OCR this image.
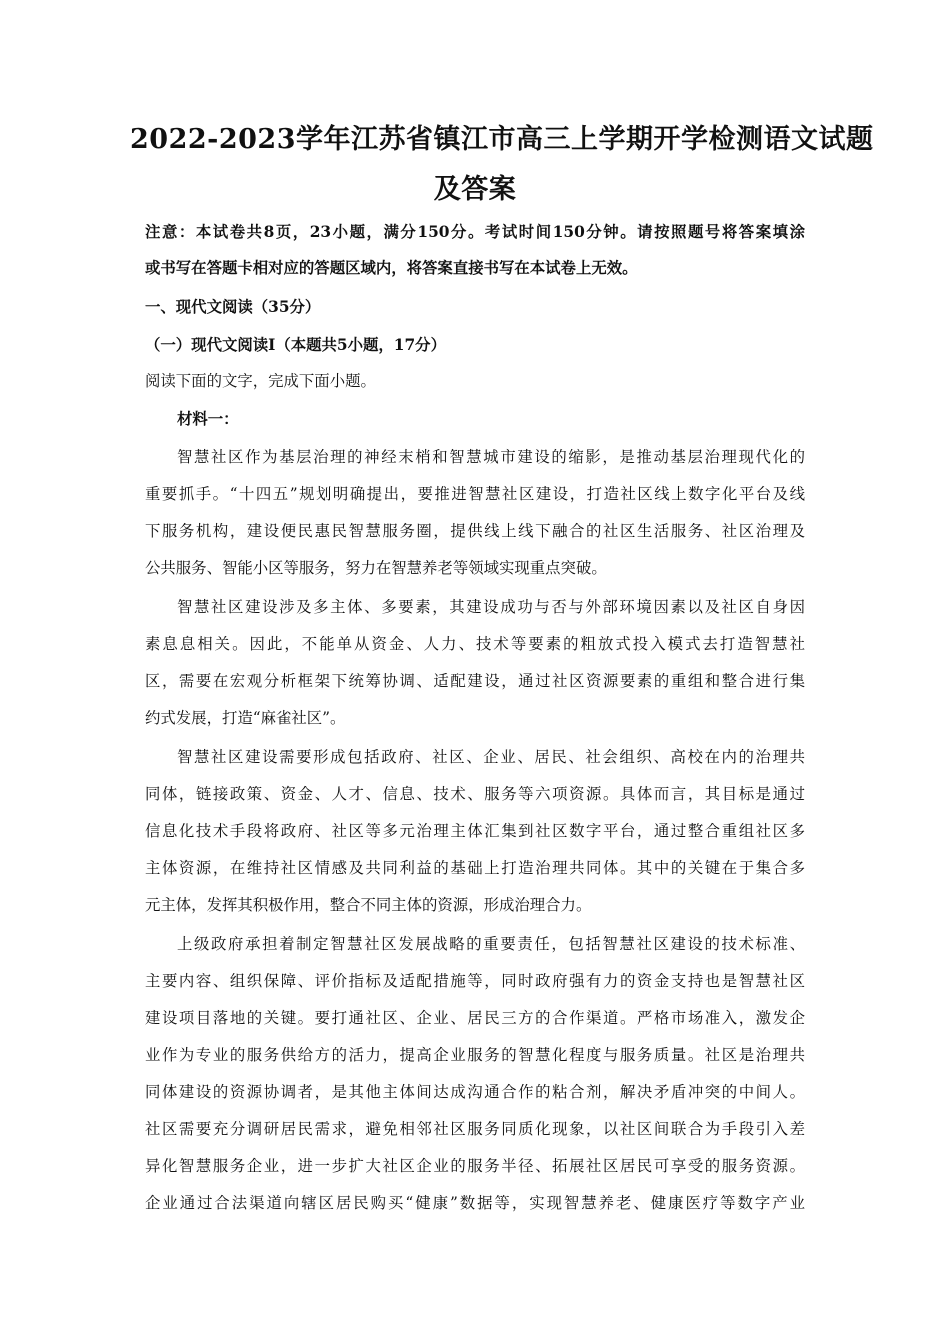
2022-2023学年江苏省镇江市高三上学期开学检测语文试题
及答案
注意：本试卷共8页，23小题，满分150分。考试时间150分钟。请按照题号将答案填涂
或书写在答题卡相对应的答题区域内，将答案直接书写在本试卷上无效。
一、现代文阅读（35分）
（一）现代文阅读Ⅰ（本题共5小题，17分）
阅读下面的文字，完成下面小题。
材料一：
智慧社区作为基层治理的神经末梢和智慧城市建设的缩影，是推动基层治理现代化的
重要抓手。“十四五”规划明确提出，要推进智慧社区建设，打造社区线上数字化平台及线
下服务机构，建设便民惠民智慧服务圈，提供线上线下融合的社区生活服务、社区治理及
公共服务、智能小区等服务，努力在智慧养老等领域实现重点突破。
智慧社区建设涉及多主体、多要素，其建设成功与否与外部环境因素以及社区自身因
素息息相关。因此，不能单从资金、人力、技术等要素的粗放式投入模式去打造智慧社
区，需要在宏观分析框架下统筹协调、适配建设，通过社区资源要素的重组和整合进行集
约式发展，打造“麻雀社区”。
智慧社区建设需要形成包括政府、社区、企业、居民、社会组织、高校在内的治理共
同体，链接政策、资金、人才、信息、技术、服务等六项资源。具体而言，其目标是通过
信息化技术手段将政府、社区等多元治理主体汇集到社区数字平台，通过整合重组社区多
主体资源，在维持社区情感及共同利益的基础上打造治理共同体。其中的关键在于集合多
元主体，发挥其积极作用，整合不同主体的资源，形成治理合力。
上级政府承担着制定智慧社区发展战略的重要责任，包括智慧社区建设的技术标准、
主要内容、组织保障、评价指标及适配措施等，同时政府强有力的资金支持也是智慧社区
建设项目落地的关键。要打通社区、企业、居民三方的合作渠道。严格市场准入，激发企
业作为专业的服务供给方的活力，提高企业服务的智慧化程度与服务质量。社区是治理共
同体建设的资源协调者，是其他主体间达成沟通合作的粘合剂，解决矛盾冲突的中间人。
社区需要充分调研居民需求，避免相邻社区服务同质化现象，以社区间联合为手段引入差
异化智慧服务企业，进一步扩大社区企业的服务半径、拓展社区居民可享受的服务资源。
企业通过合法渠道向辖区居民购买“健康”数据等，实现智慧养老、健康医疗等数字产业
